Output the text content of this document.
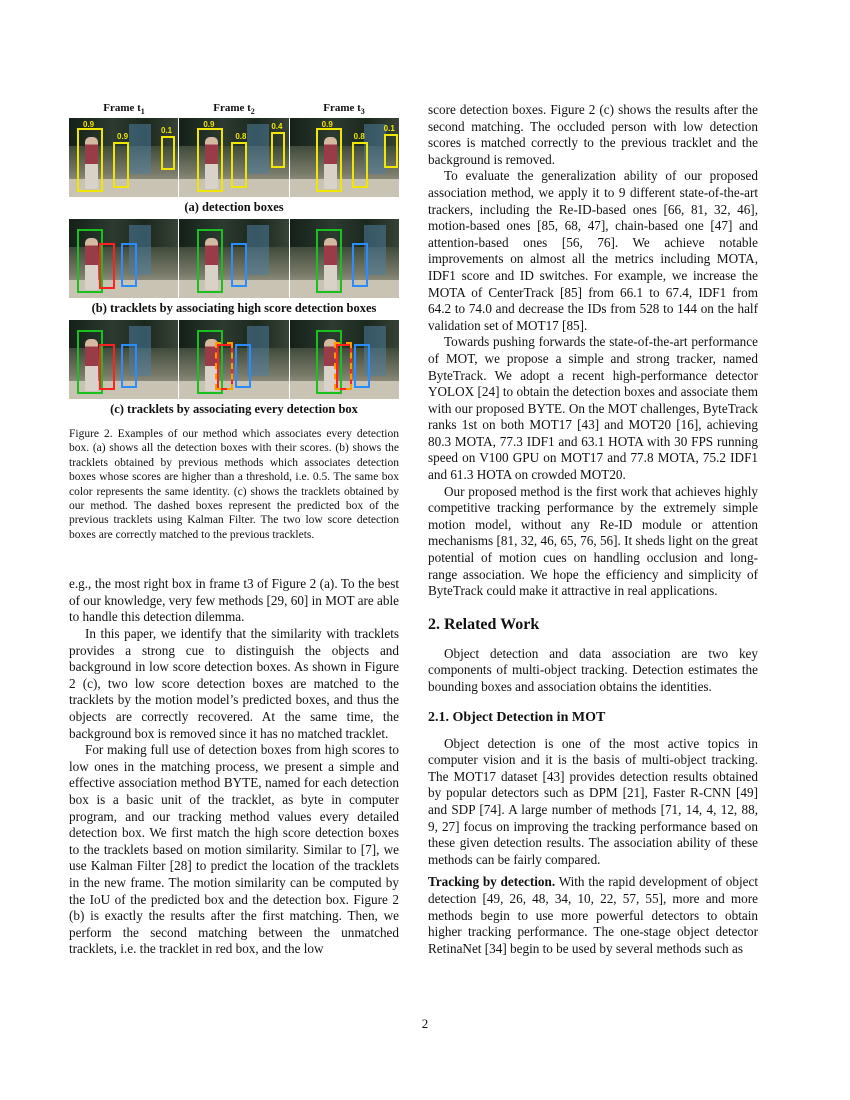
Frame $t_1$	Frame $t_2$	Frame $t_3$
0.9
0.9
0.1
0.9
0.8
0.4	0.9
0.8
0.1
(a) detection boxes
(b) tracklets by associating high score detection boxes
(c) tracklets by associating every detection box
Figure 2. Examples of our method which associates every detection box. (a) shows all the detection boxes with their scores. (b) shows the tracklets obtained by previous methods which associates detection boxes whose scores are higher than a threshold, i.e. 0.5. The same box color represents the same identity. (c) shows the tracklets obtained by our method. The dashed boxes represent the predicted box of the previous tracklets using Kalman Filter. The two low score detection boxes are correctly matched to the previous tracklets.

e.g., the most right box in frame t3 of Figure 2 (a). To the best of our knowledge, very few methods [29, 60] in MOT are able to handle this detection dilemma.

In this paper, we identify that the similarity with tracklets provides a strong cue to distinguish the objects and background in low score detection boxes. As shown in Figure 2 (c), two low score detection boxes are matched to the tracklets by the motion model’s predicted boxes, and thus the objects are correctly recovered. At the same time, the background box is removed since it has no matched tracklet.

For making full use of detection boxes from high scores to low ones in the matching process, we present a simple and effective association method BYTE, named for each detection box is a basic unit of the tracklet, as byte in computer program, and our tracking method values every detailed detection box. We first match the high score detection boxes to the tracklets based on motion similarity. Similar to [7], we use Kalman Filter [28] to predict the location of the tracklets in the new frame. The motion similarity can be computed by the IoU of the predicted box and the detection box. Figure 2 (b) is exactly the results after the first matching. Then, we perform the second matching between the unmatched tracklets, i.e. the tracklet in red box, and the low

score detection boxes. Figure 2 (c) shows the results after the second matching. The occluded person with low detection scores is matched correctly to the previous tracklet and the background is removed.

To evaluate the generalization ability of our proposed association method, we apply it to 9 different state-of-the-art trackers, including the Re-ID-based ones [66, 81, 32, 46], motion-based ones [85, 68, 47], chain-based one [47] and attention-based ones [56, 76]. We achieve notable improvements on almost all the metrics including MOTA, IDF1 score and ID switches. For example, we increase the MOTA of CenterTrack [85] from 66.1 to 67.4, IDF1 from 64.2 to 74.0 and decrease the IDs from 528 to 144 on the half validation set of MOT17 [85].

Towards pushing forwards the state-of-the-art performance of MOT, we propose a simple and strong tracker, named ByteTrack. We adopt a recent high-performance detector YOLOX [24] to obtain the detection boxes and associate them with our proposed BYTE. On the MOT challenges, ByteTrack ranks 1st on both MOT17 [43] and MOT20 [16], achieving 80.3 MOTA, 77.3 IDF1 and 63.1 HOTA with 30 FPS running speed on V100 GPU on MOT17 and 77.8 MOTA, 75.2 IDF1 and 61.3 HOTA on crowded MOT20.

Our proposed method is the first work that achieves highly competitive tracking performance by the extremely simple motion model, without any Re-ID module or attention mechanisms [81, 32, 46, 65, 76, 56]. It sheds light on the great potential of motion cues on handling occlusion and long-range association. We hope the efficiency and simplicity of ByteTrack could make it attractive in real applications.

2. Related Work

Object detection and data association are two key components of multi-object tracking. Detection estimates the bounding boxes and association obtains the identities.

2.1. Object Detection in MOT

Object detection is one of the most active topics in computer vision and it is the basis of multi-object tracking. The MOT17 dataset [43] provides detection results obtained by popular detectors such as DPM [21], Faster R-CNN [49] and SDP [74]. A large number of methods [71, 14, 4, 12, 88, 9, 27] focus on improving the tracking performance based on these given detection results. The association ability of these methods can be fairly compared.

Tracking by detection. With the rapid development of object detection [49, 26, 48, 34, 10, 22, 57, 55], more and more methods begin to use more powerful detectors to obtain higher tracking performance. The one-stage object detector RetinaNet [34] begin to be used by several methods such as

2
